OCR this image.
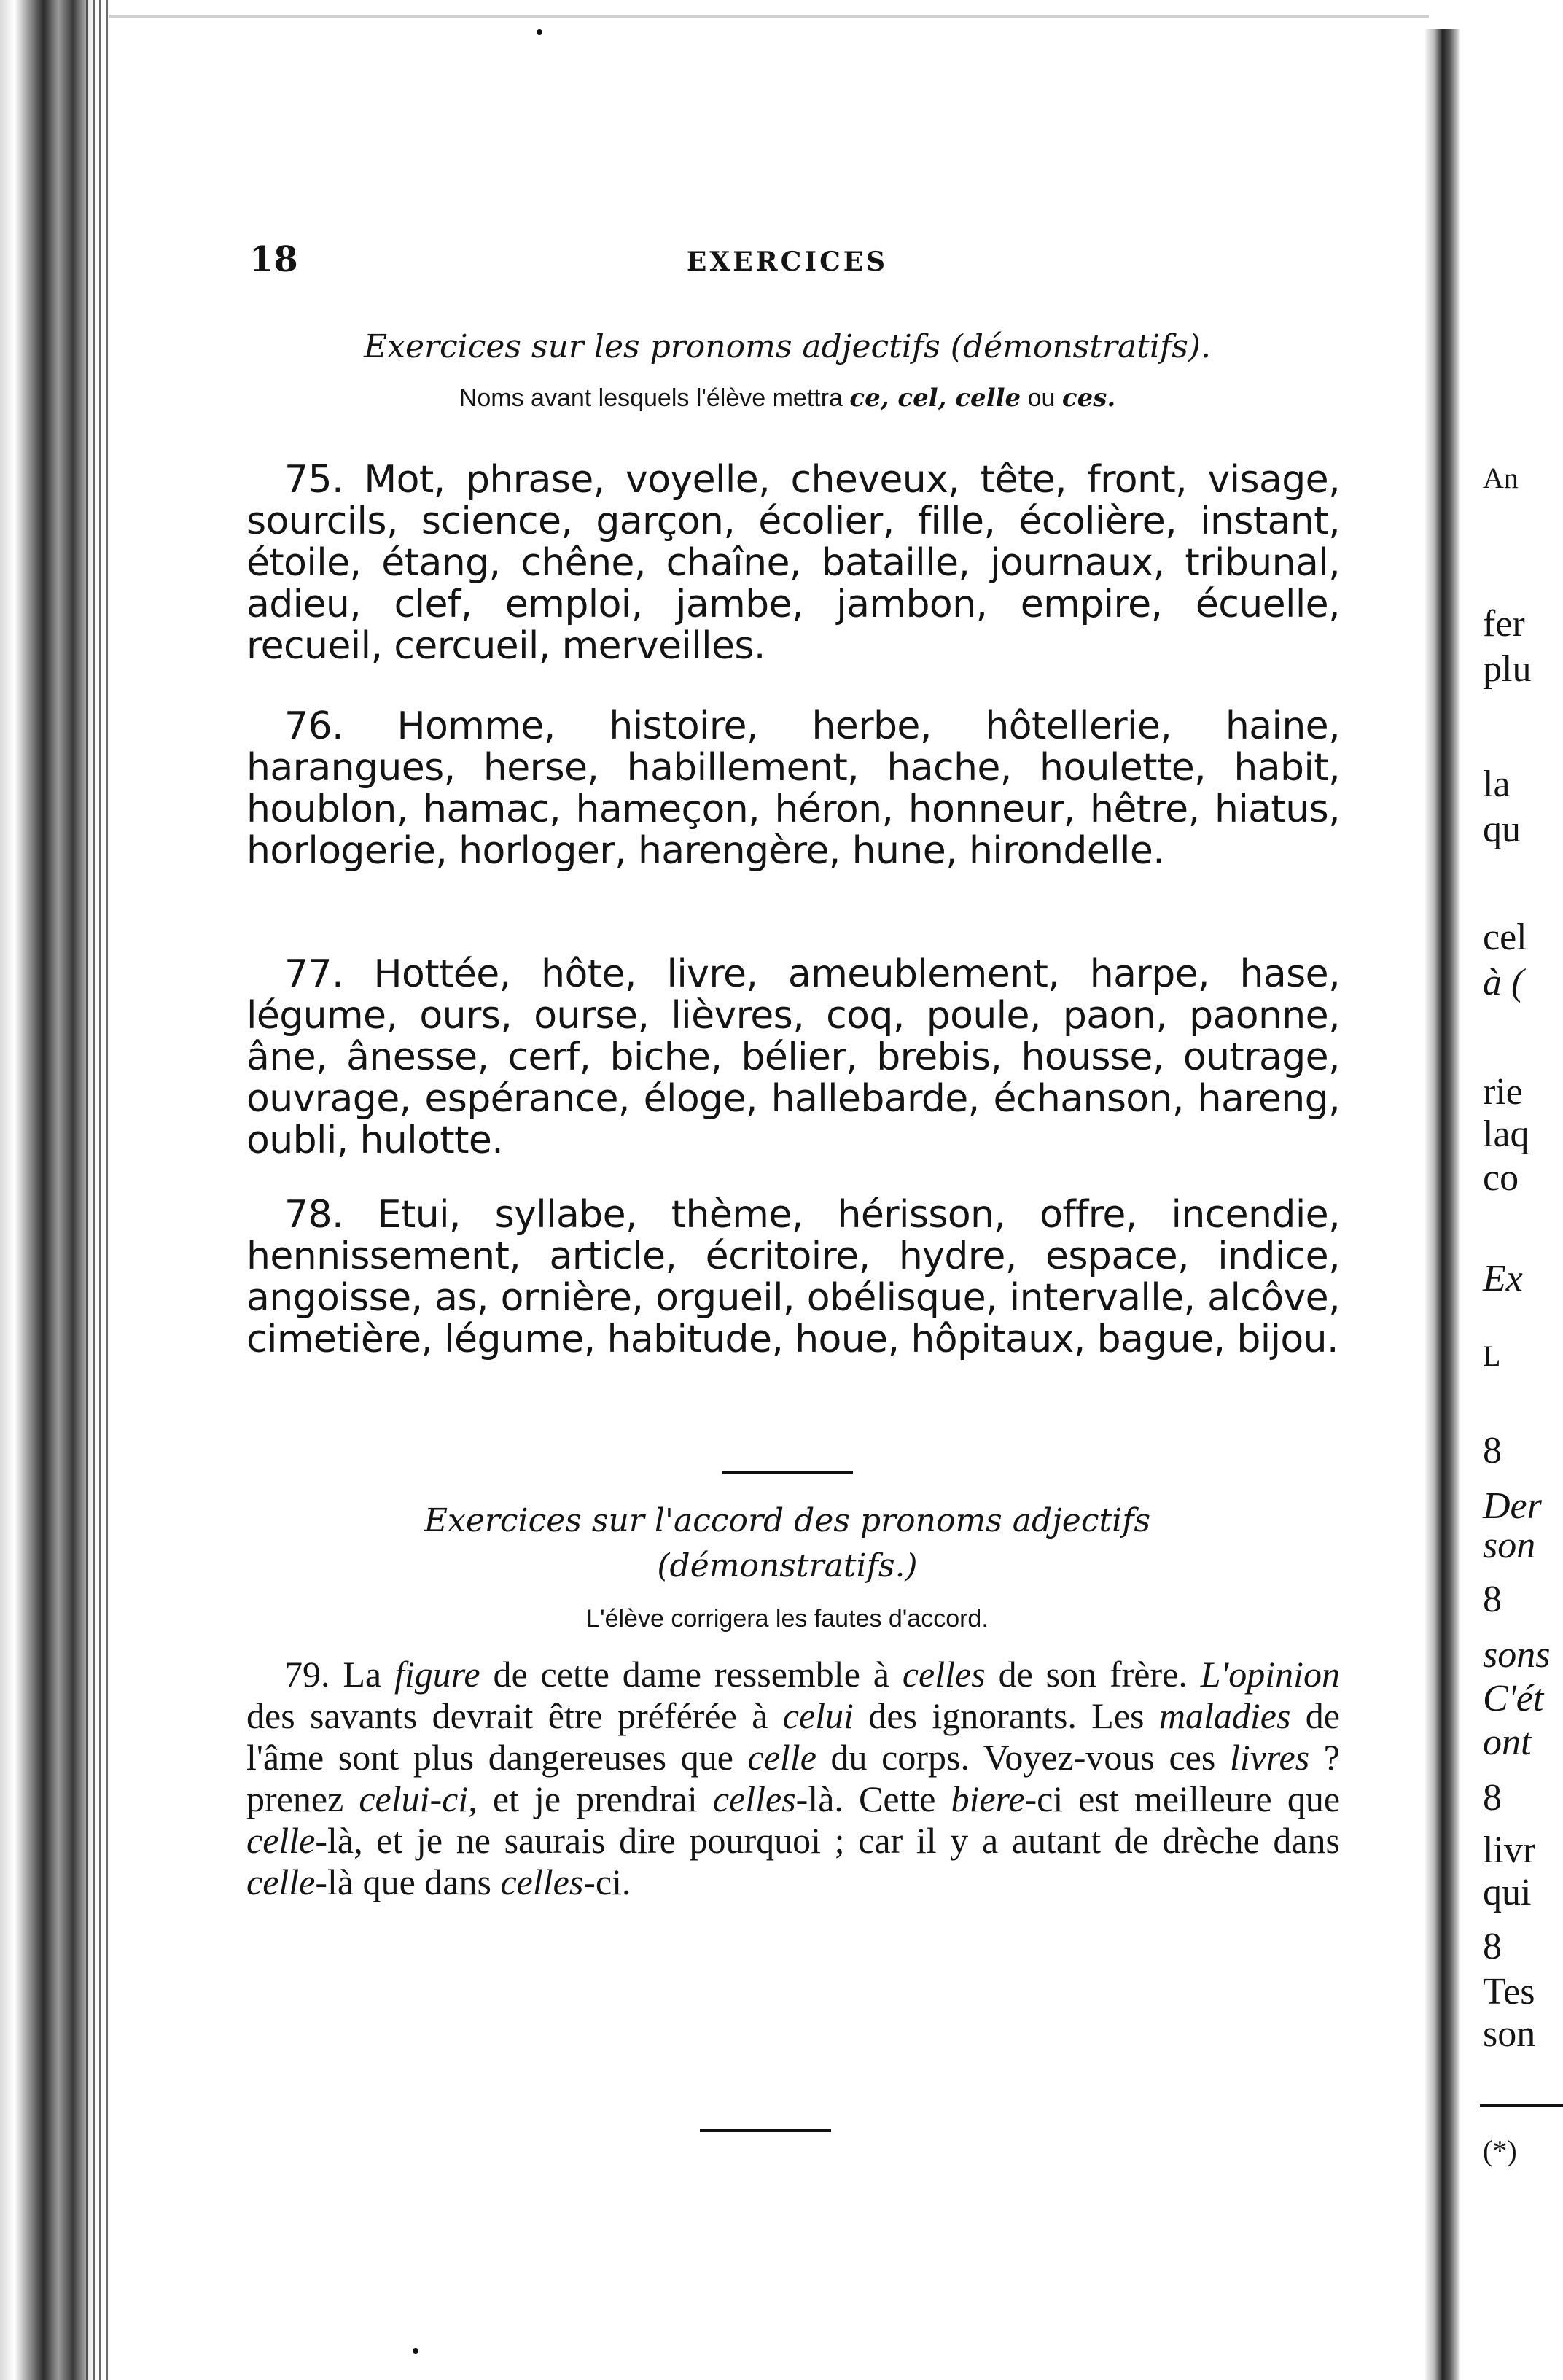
18	EXERCICES
Exercices sur les pronoms adjectifs (démonstratifs).
Noms avant lesquels l'élève mettra ce, cel, celle ou ces.

75. Mot, phrase, voyelle, cheveux, tête, front, visage, sourcils, science, garçon, écolier, fille, écolière, instant, étoile, étang, chêne, chaîne, bataille, journaux, tribunal, adieu, clef, emploi, jambe, jambon, empire, écuelle, recueil, cercueil, merveilles.

76. Homme, histoire, herbe, hôtellerie, haine, harangues, herse, habillement, hache, houlette, habit, houblon, hamac, hameçon, héron, honneur, hêtre, hiatus, horlogerie, horloger, harengère, hune, hirondelle.

77. Hottée, hôte, livre, ameublement, harpe, hase, légume, ours, ourse, lièvres, coq, poule, paon, paonne, âne, ânesse, cerf, biche, bélier, brebis, housse, outrage, ouvrage, espérance, éloge, hallebarde, échanson, hareng, oubli, hulotte.

78. Etui, syllabe, thème, hérisson, offre, incendie, hennissement, article, écritoire, hydre, espace, indice, angoisse, as, ornière, orgueil, obélisque, intervalle, alcôve, cimetière, légume, habitude, houe, hôpitaux, bague, bijou.

Exercices sur l'accord des pronoms adjectifs
(démonstratifs.)
L'élève corrigera les fautes d'accord.

79. La figure de cette dame ressemble à celles de son frère. L'opinion des savants devrait être préférée à celui des ignorants. Les maladies de l'âme sont plus dangereuses que celle du corps. Voyez-vous ces livres ? prenez celui-ci, et je prendrai celles-là. Cette biere-ci est meilleure que celle-là, et je ne saurais dire pourquoi ; car il y a autant de drèche dans celle-là que dans celles-ci.

An
fer
plu
la
qu
cel
à (
rie
laq
co
Ex
L
8
Der
son
8
sons
C'ét
ont
8
livr
qui
8
Tes
son
(*)
